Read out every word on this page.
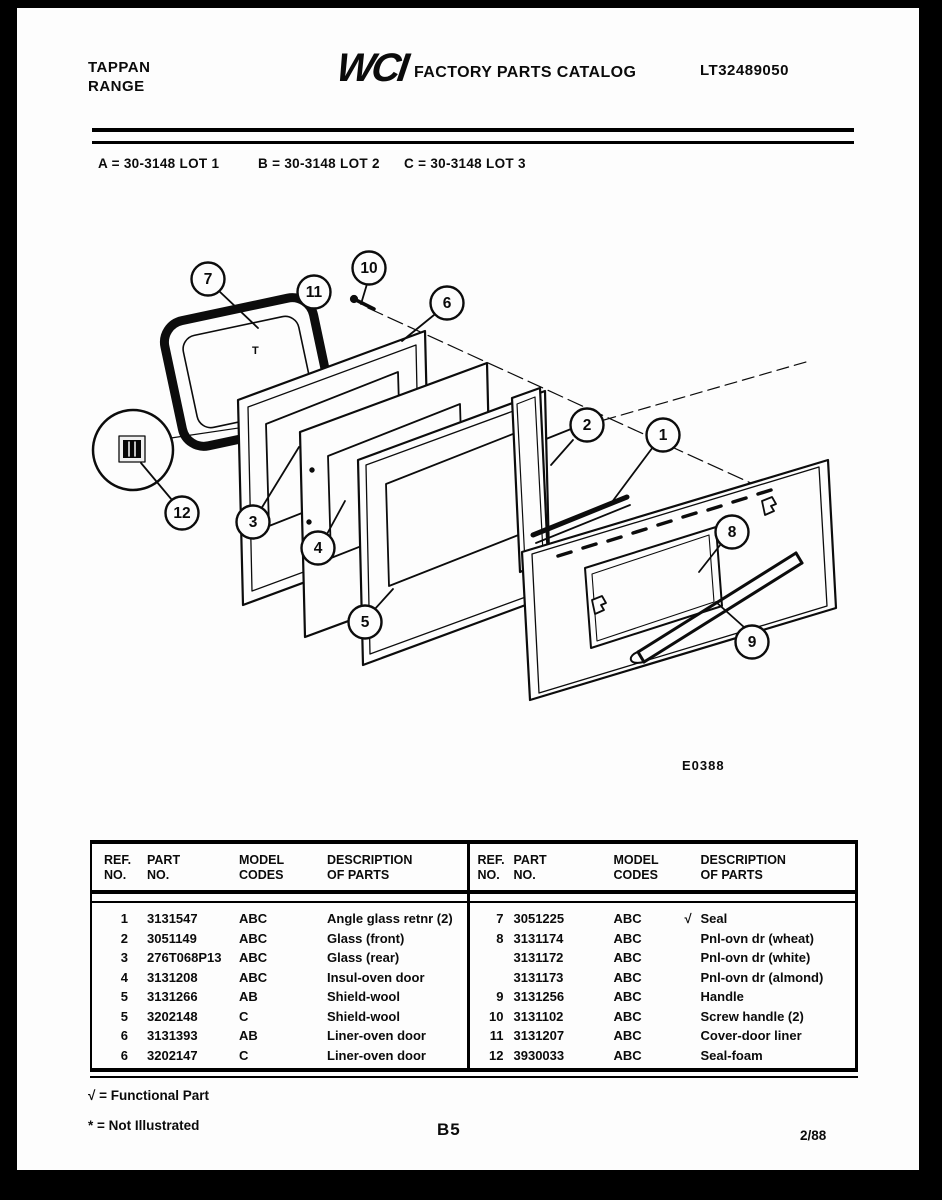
TAPPAN
RANGE	WCI FACTORY PARTS CATALOG	LT32489050
A = 30-3148 LOT 1	B = 30-3148 LOT 2 C = 30-3148 LOT 3
7
11
10
6
2
1
12
3
4
5
8
9
T
E0388
REF.
NO.
PART
NO.
MODEL
CODES
DESCRIPTION
OF PARTS
1 3131547	ABC	Angle glass retnr (2)
2 3051149	ABC	Glass (front)
3 276T068P13	ABC	Glass (rear)
4 3131208	ABC	Insul-oven door
5 3131266	AB	Shield-wool
5 3202148	C	Shield-wool
6 3131393	AB	Liner-oven door
6 3202147	C	Liner-oven door
REF.
NO.
PART
NO.
MODEL
CODES
DESCRIPTION
OF PARTS
7 3051225	ABC	√ Seal
8 3131174	ABC	Pnl-ovn dr (wheat)
3131172	ABC	Pnl-ovn dr (white)
3131173	ABC	Pnl-ovn dr (almond)
9 3131256	ABC	Handle
10 3131102	ABC	Screw handle (2)
11 3131207	ABC	Cover-door liner
12 3930033	ABC	Seal-foam
√ = Functional Part
* = Not Illustrated	B5	2/88
